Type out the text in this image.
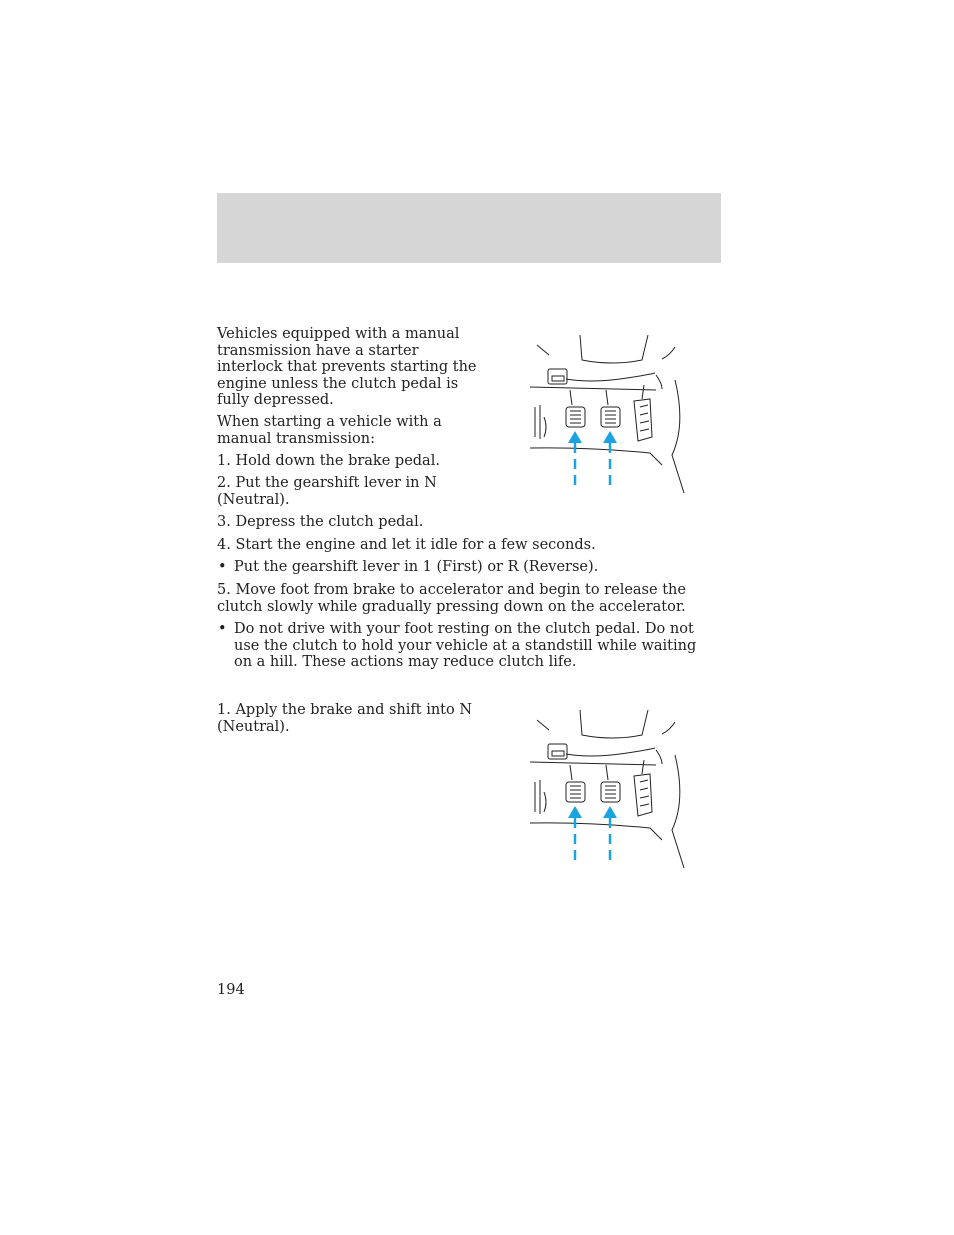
Vehicles equipped with a manual transmission have a starter interlock that prevents starting the engine unless the clutch pedal is fully depressed.

When starting a vehicle with a manual transmission:

1. Hold down the brake pedal.

2. Put the gearshift lever in N (Neutral).

3. Depress the clutch pedal.

4. Start the engine and let it idle for a few seconds.

• Put the gearshift lever in 1 (First) or R (Reverse).

5. Move foot from brake to accelerator and begin to release the clutch slowly while gradually pressing down on the accelerator.

• Do not drive with your foot resting on the clutch pedal. Do not use the clutch to hold your vehicle at a standstill while waiting on a hill. These actions may reduce clutch life.

1. Apply the brake and shift into N (Neutral).

194
